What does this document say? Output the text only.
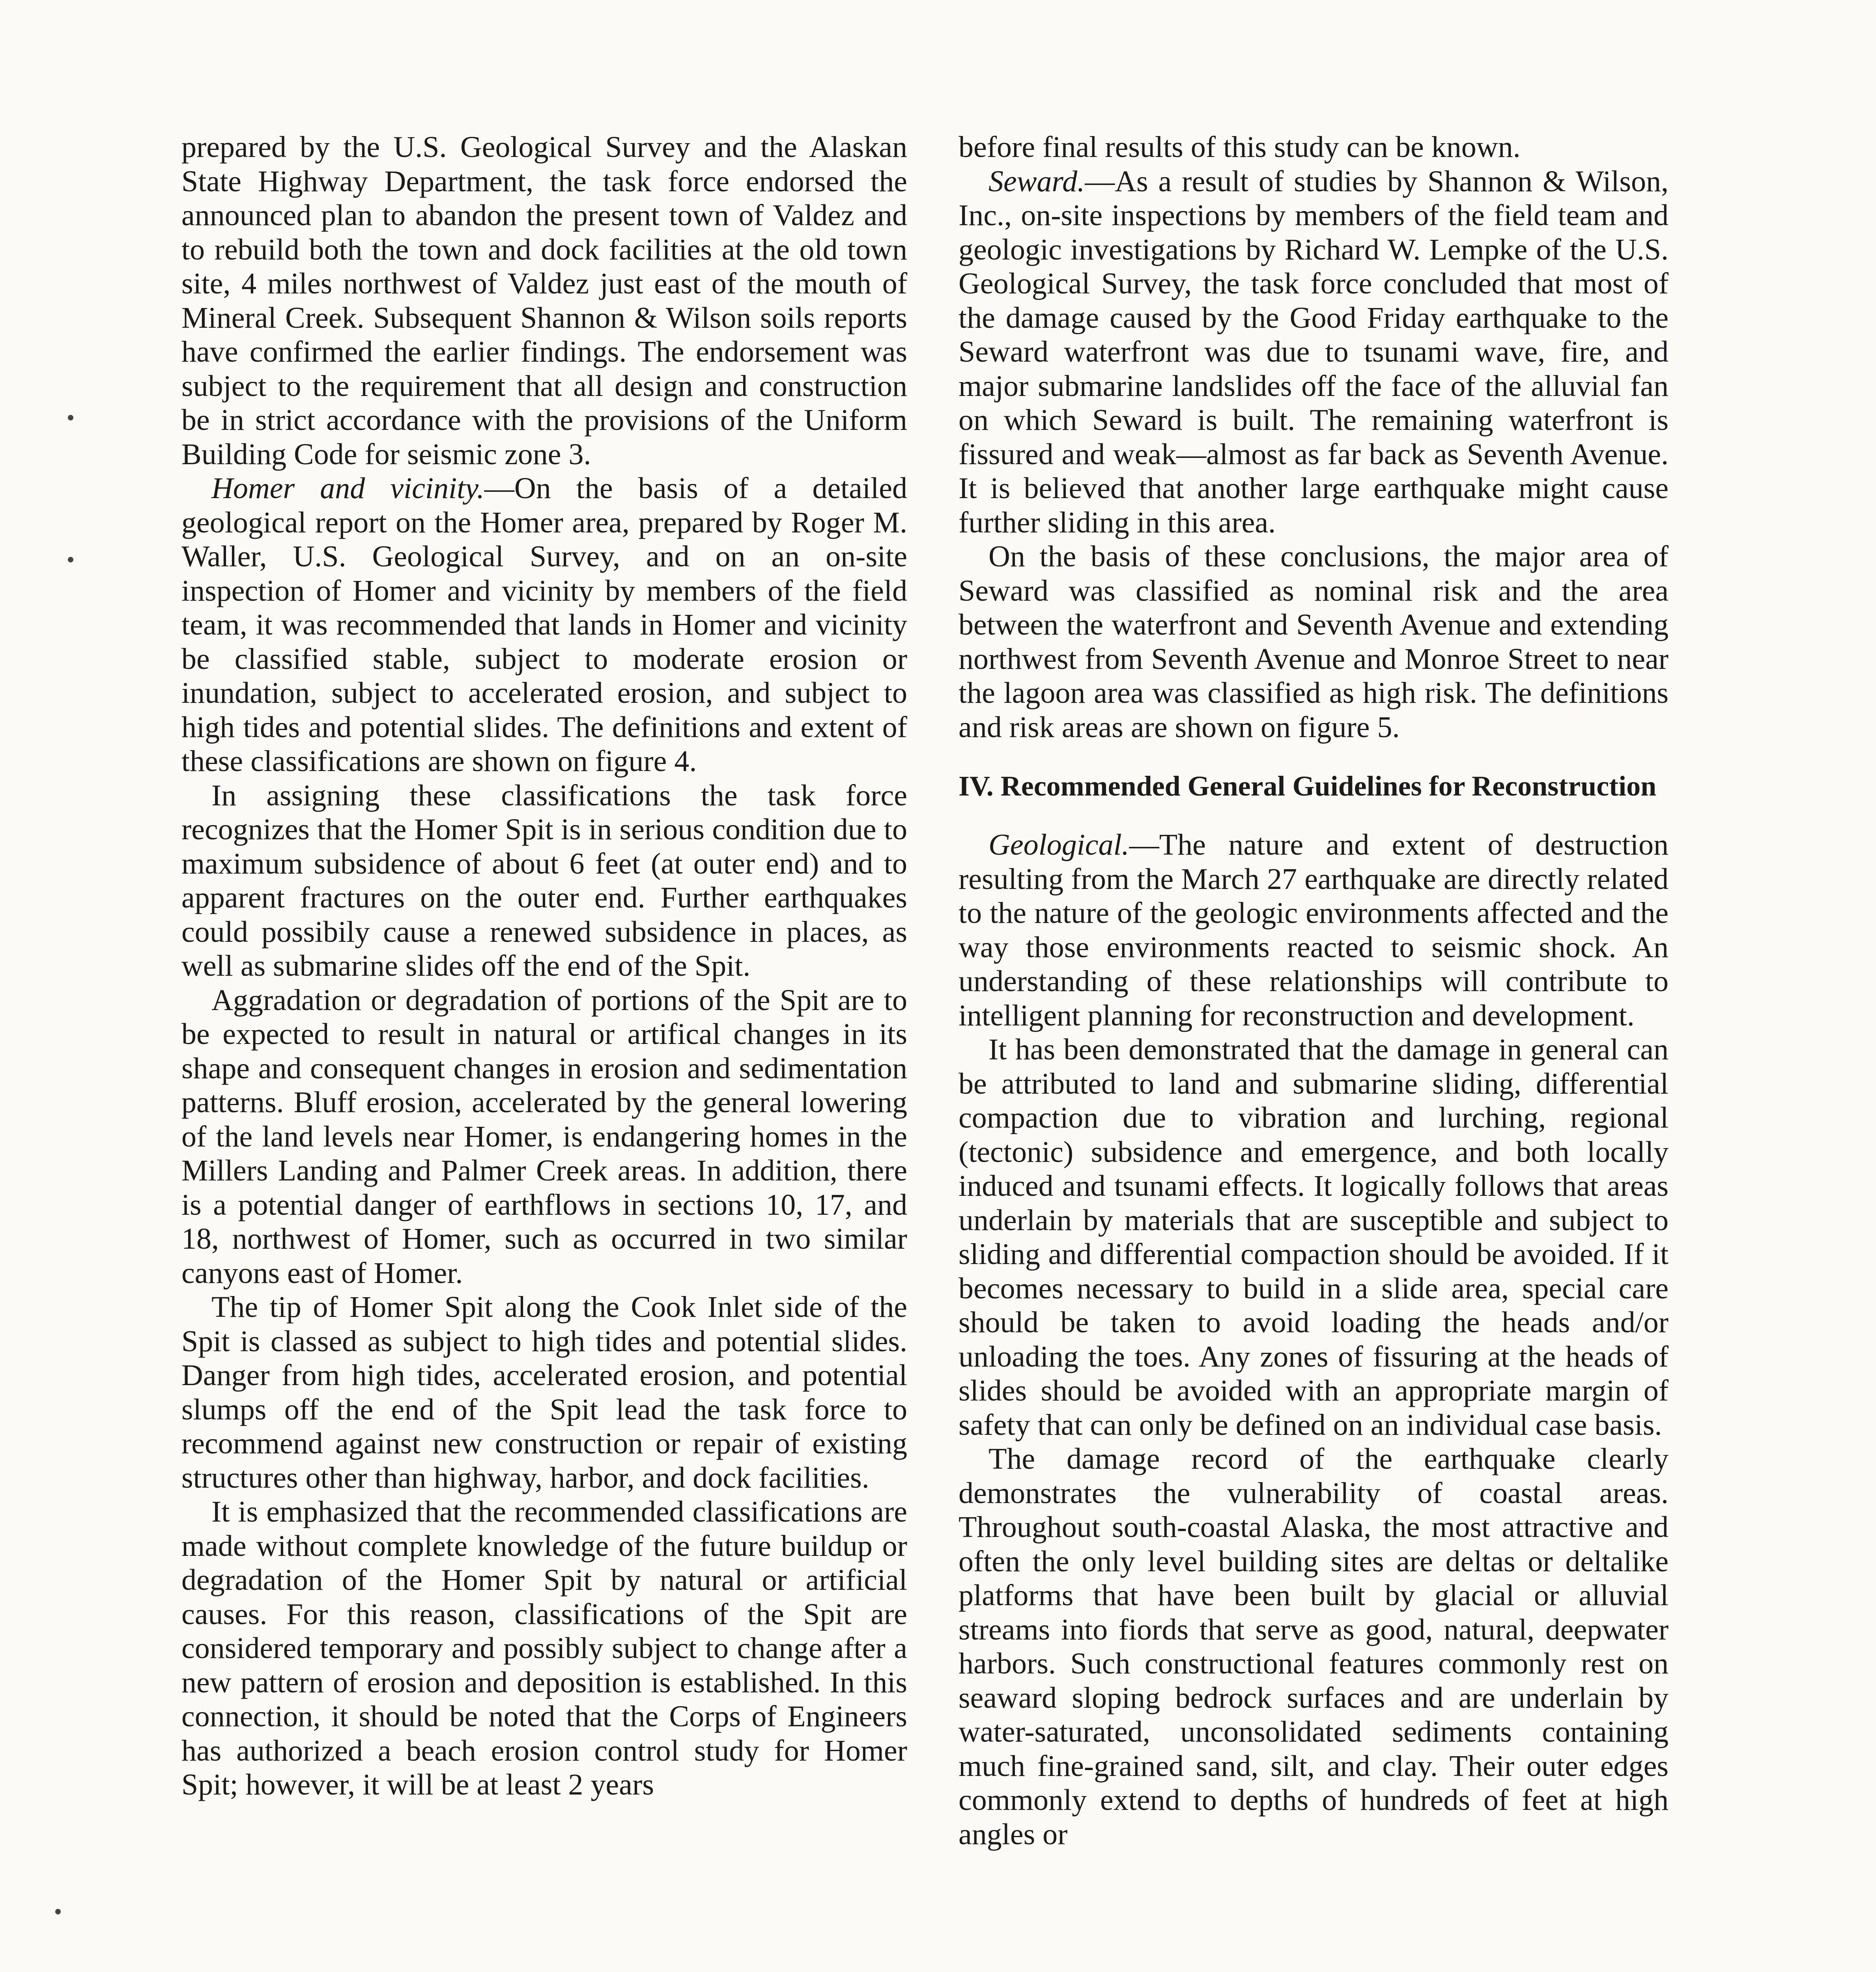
prepared by the U.S. Geological Survey and the Alaskan State Highway Department, the task force endorsed the announced plan to abandon the present town of Valdez and to rebuild both the town and dock facilities at the old town site, 4 miles northwest of Valdez just east of the mouth of Mineral Creek. Subsequent Shannon & Wilson soils reports have confirmed the earlier findings. The endorsement was subject to the requirement that all design and construction be in strict accordance with the provisions of the Uniform Building Code for seismic zone 3.

Homer and vicinity.—On the basis of a detailed geological report on the Homer area, prepared by Roger M. Waller, U.S. Geological Survey, and on an on-site inspection of Homer and vicinity by members of the field team, it was recommended that lands in Homer and vicinity be classified stable, subject to moderate erosion or inundation, subject to accelerated erosion, and subject to high tides and potential slides. The definitions and extent of these classifications are shown on figure 4.

In assigning these classifications the task force recognizes that the Homer Spit is in serious condition due to maximum subsidence of about 6 feet (at outer end) and to apparent fractures on the outer end. Further earthquakes could possibily cause a renewed subsidence in places, as well as submarine slides off the end of the Spit.

Aggradation or degradation of portions of the Spit are to be expected to result in natural or artifical changes in its shape and consequent changes in erosion and sedimentation patterns. Bluff erosion, accelerated by the general lowering of the land levels near Homer, is endangering homes in the Millers Landing and Palmer Creek areas. In addition, there is a potential danger of earthflows in sections 10, 17, and 18, northwest of Homer, such as occurred in two similar canyons east of Homer.

The tip of Homer Spit along the Cook Inlet side of the Spit is classed as subject to high tides and potential slides. Danger from high tides, accelerated erosion, and potential slumps off the end of the Spit lead the task force to recommend against new construction or repair of existing structures other than highway, harbor, and dock facilities.

It is emphasized that the recommended classifications are made without complete knowledge of the future buildup or degradation of the Homer Spit by natural or artificial causes. For this reason, classifications of the Spit are considered temporary and possibly subject to change after a new pattern of erosion and deposition is established. In this connection, it should be noted that the Corps of Engineers has authorized a beach erosion control study for Homer Spit; however, it will be at least 2 years

before final results of this study can be known.

Seward.—As a result of studies by Shannon & Wilson, Inc., on-site inspections by members of the field team and geologic investigations by Richard W. Lempke of the U.S. Geological Survey, the task force concluded that most of the damage caused by the Good Friday earthquake to the Seward waterfront was due to tsunami wave, fire, and major submarine landslides off the face of the alluvial fan on which Seward is built. The remaining waterfront is fissured and weak—almost as far back as Seventh Avenue. It is believed that another large earthquake might cause further sliding in this area.

On the basis of these conclusions, the major area of Seward was classified as nominal risk and the area between the waterfront and Seventh Avenue and extending northwest from Seventh Avenue and Monroe Street to near the lagoon area was classified as high risk. The definitions and risk areas are shown on figure 5.

IV. Recommended General Guidelines for Reconstruction

Geological.—The nature and extent of destruction resulting from the March 27 earthquake are directly related to the nature of the geologic environments affected and the way those environments reacted to seismic shock. An understanding of these relationships will contribute to intelligent planning for reconstruction and development.

It has been demonstrated that the damage in general can be attributed to land and submarine sliding, differential compaction due to vibration and lurching, regional (tectonic) subsidence and emergence, and both locally induced and tsunami effects. It logically follows that areas underlain by materials that are susceptible and subject to sliding and differential compaction should be avoided. If it becomes necessary to build in a slide area, special care should be taken to avoid loading the heads and/or unloading the toes. Any zones of fissuring at the heads of slides should be avoided with an appropriate margin of safety that can only be defined on an individual case basis.

The damage record of the earthquake clearly demonstrates the vulnerability of coastal areas. Throughout south-coastal Alaska, the most attractive and often the only level building sites are deltas or deltalike platforms that have been built by glacial or alluvial streams into fiords that serve as good, natural, deepwater harbors. Such constructional features commonly rest on seaward sloping bedrock surfaces and are underlain by water-saturated, unconsolidated sediments containing much fine-grained sand, silt, and clay. Their outer edges commonly extend to depths of hundreds of feet at high angles or
